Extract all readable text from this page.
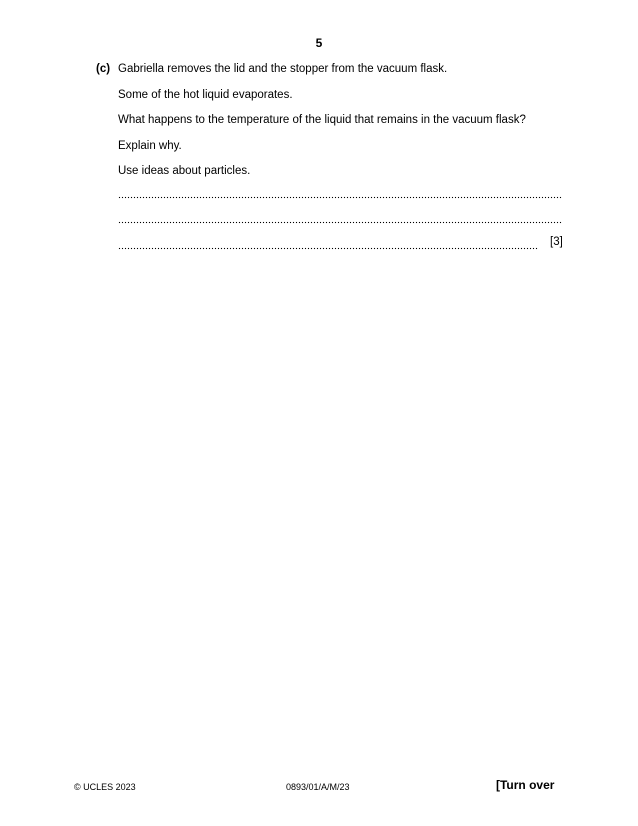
5
(c) Gabriella removes the lid and the stopper from the vacuum flask.
Some of the hot liquid evaporates.
What happens to the temperature of the liquid that remains in the vacuum flask?
Explain why.
Use ideas about particles.
[3]
© UCLES 2023	0893/01/A/M/23	[Turn over
